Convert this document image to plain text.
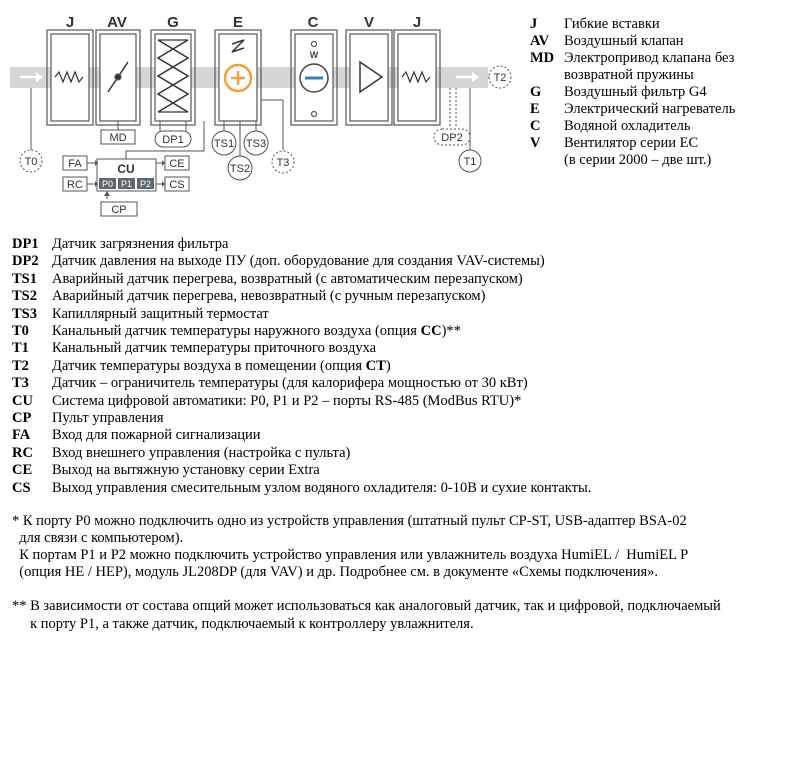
J AV	G	E	C	V	J
W
MD	DP1	TS1 TS3
TS2 T3
T0
DP2
T1
T2
CU
P0 P1 P2
FA
RC
CE
CS
CP
J Гибкие вставки
AV Воздушный клапан
MD Электропривод клапана без
возвратной пружины
G Воздушный фильтр G4
E Электрический нагреватель
C Водяной охладитель
V Вентилятор серии EC
(в серии 2000 – две шт.)
DP1 Датчик загрязнения фильтра
DP2 Датчик давления на выходе ПУ (доп. оборудование для создания VAV-системы)
TS1 Аварийный датчик перегрева, возвратный (с автоматическим перезапуском)
TS2 Аварийный датчик перегрева, невозвратный (с ручным перезапуском)
TS3 Капиллярный защитный термостат
T0 Канальный датчик температуры наружного воздуха (опция CC)**
T1 Канальный датчик температуры приточного воздуха
T2 Датчик температуры воздуха в помещении (опция CT)
T3 Датчик – ограничитель температуры (для калорифера мощностью от 30 кВт)
CU Система цифровой автоматики: P0, P1 и P2 – порты RS-485 (ModBus RTU)*
CP Пульт управления
FA Вход для пожарной сигнализации
RC Вход внешнего управления (настройка с пульта)
CE Выход на вытяжную установку серии Extra
CS Выход управления смесительным узлом водяного охладителя: 0-10В и сухие контакты.
* К порту P0 можно подключить одно из устройств управления (штатный пульт CP-ST, USB-адаптер BSA-02
для связи с компьютером).
К портам P1 и P2 можно подключить устройство управления или увлажнитель воздуха HumiEL /  HumiEL P
(опция HE / HEP), модуль JL208DP (для VAV) и др. Подробнее см. в документе «Схемы подключения».
** В зависимости от состава опций может использоваться как аналоговый датчик, так и цифровой, подключаемый
к порту P1, а также датчик, подключаемый к контроллеру увлажнителя.
